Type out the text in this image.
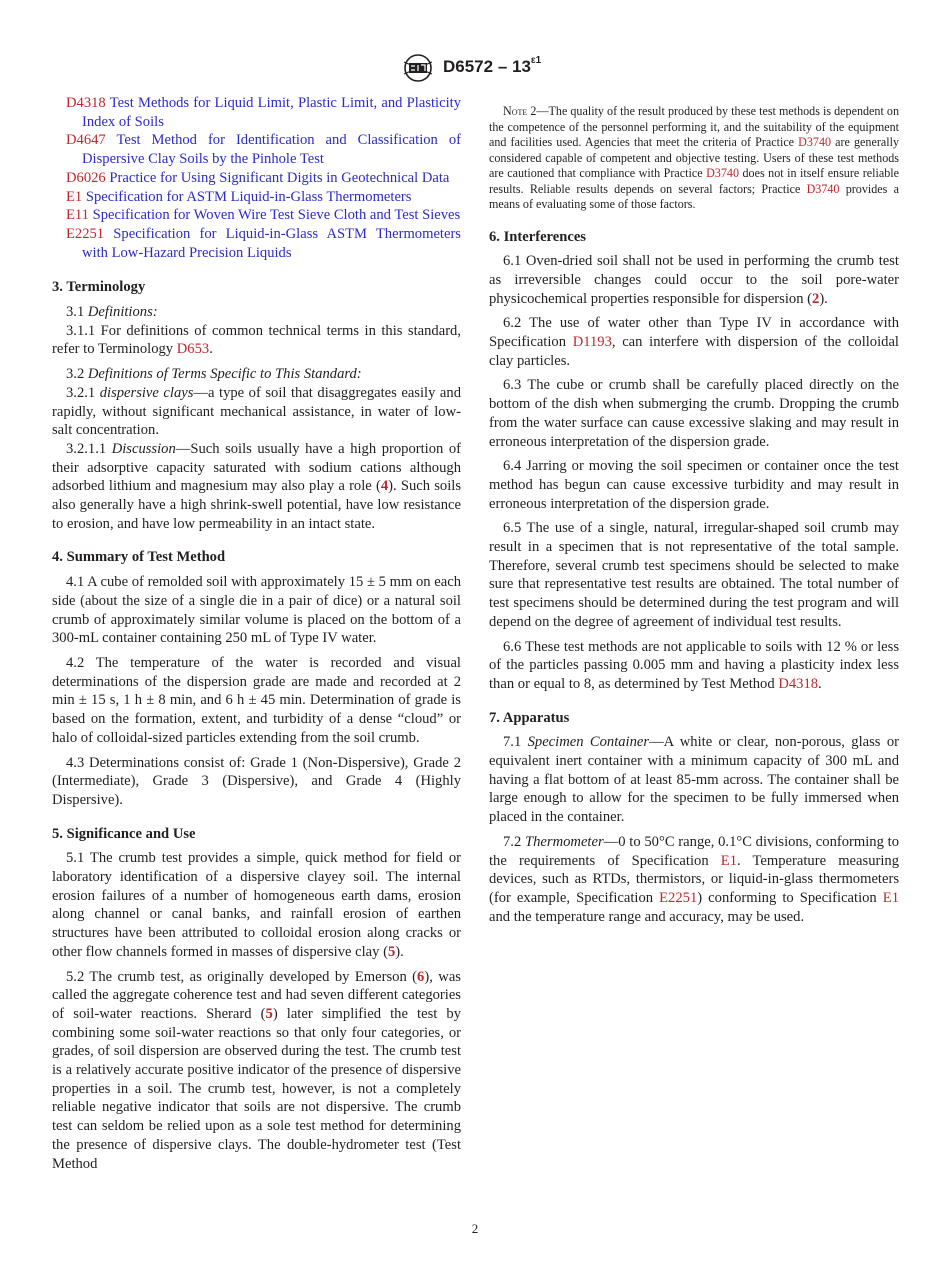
$D6572 - 13^{\varepsilon 1}$

D4318 Test Methods for Liquid Limit, Plastic Limit, and Plasticity Index of Soils

D4647 Test Method for Identification and Classification of Dispersive Clay Soils by the Pinhole Test

D6026 Practice for Using Significant Digits in Geotechnical Data

E1 Specification for ASTM Liquid-in-Glass Thermometers

E11 Specification for Woven Wire Test Sieve Cloth and Test Sieves

E2251 Specification for Liquid-in-Glass ASTM Thermometers with Low-Hazard Precision Liquids

3. Terminology

3.1 Definitions:

3.1.1 For definitions of common technical terms in this standard, refer to Terminology D653.

3.2 Definitions of Terms Specific to This Standard:

3.2.1 dispersive clays—a type of soil that disaggregates easily and rapidly, without significant mechanical assistance, in water of low-salt concentration.

3.2.1.1 Discussion—Such soils usually have a high proportion of their adsorptive capacity saturated with sodium cations although adsorbed lithium and magnesium may also play a role (4). Such soils also generally have a high shrink-swell potential, have low resistance to erosion, and have low permeability in an intact state.

4. Summary of Test Method

4.1 A cube of remolded soil with approximately 15 ± 5 mm on each side (about the size of a single die in a pair of dice) or a natural soil crumb of approximately similar volume is placed on the bottom of a 300-mL container containing 250 mL of Type IV water.

4.2 The temperature of the water is recorded and visual determinations of the dispersion grade are made and recorded at 2 min ± 15 s, 1 h ± 8 min, and 6 h ± 45 min. Determination of grade is based on the formation, extent, and turbidity of a dense “cloud” or halo of colloidal-sized particles extending from the soil crumb.

4.3 Determinations consist of: Grade 1 (Non-Dispersive), Grade 2 (Intermediate), Grade 3 (Dispersive), and Grade 4 (Highly Dispersive).

5. Significance and Use

5.1 The crumb test provides a simple, quick method for field or laboratory identification of a dispersive clayey soil. The internal erosion failures of a number of homogeneous earth dams, erosion along channel or canal banks, and rainfall erosion of earthen structures have been attributed to colloidal erosion along cracks or other flow channels formed in masses of dispersive clay (5).

5.2 The crumb test, as originally developed by Emerson (6), was called the aggregate coherence test and had seven different categories of soil-water reactions. Sherard (5) later simplified the test by combining some soil-water reactions so that only four categories, or grades, of soil dispersion are observed during the test. The crumb test is a relatively accurate positive indicator of the presence of dispersive properties in a soil. The crumb test, however, is not a completely reliable negative indicator that soils are not dispersive. The crumb test can seldom be relied upon as a sole test method for determining the presence of dispersive clays. The double-hydrometer test (Test Method

Note 2—The quality of the result produced by these test methods is dependent on the competence of the personnel performing it, and the suitability of the equipment and facilities used. Agencies that meet the criteria of Practice D3740 are generally considered capable of competent and objective testing. Users of these test methods are cautioned that compliance with Practice D3740 does not in itself ensure reliable results. Reliable results depends on several factors; Practice D3740 provides a means of evaluating some of those factors.

6. Interferences

6.1 Oven-dried soil shall not be used in performing the crumb test as irreversible changes could occur to the soil pore-water physicochemical properties responsible for dispersion (2).

6.2 The use of water other than Type IV in accordance with Specification D1193, can interfere with dispersion of the colloidal clay particles.

6.3 The cube or crumb shall be carefully placed directly on the bottom of the dish when submerging the crumb. Dropping the crumb from the water surface can cause excessive slaking and may result in erroneous interpretation of the dispersion grade.

6.4 Jarring or moving the soil specimen or container once the test method has begun can cause excessive turbidity and may result in erroneous interpretation of the dispersion grade.

6.5 The use of a single, natural, irregular-shaped soil crumb may result in a specimen that is not representative of the total sample. Therefore, several crumb test specimens should be selected to make sure that representative test results are obtained. The total number of test specimens should be determined during the test program and will depend on the degree of agreement of individual test results.

6.6 These test methods are not applicable to soils with 12 % or less of the particles passing 0.005 mm and having a plasticity index less than or equal to 8, as determined by Test Method D4318.

7. Apparatus

7.1 Specimen Container—A white or clear, non-porous, glass or equivalent inert container with a minimum capacity of 300 mL and having a flat bottom of at least 85-mm across. The container shall be large enough to allow for the specimen to be fully immersed when placed in the container.

7.2 Thermometer—0 to 50°C range, 0.1°C divisions, conforming to the requirements of Specification E1. Temperature measuring devices, such as RTDs, thermistors, or liquid-in-glass thermometers (for example, Specification E2251) conforming to Specification E1 and the temperature range and accuracy, may be used.

2
